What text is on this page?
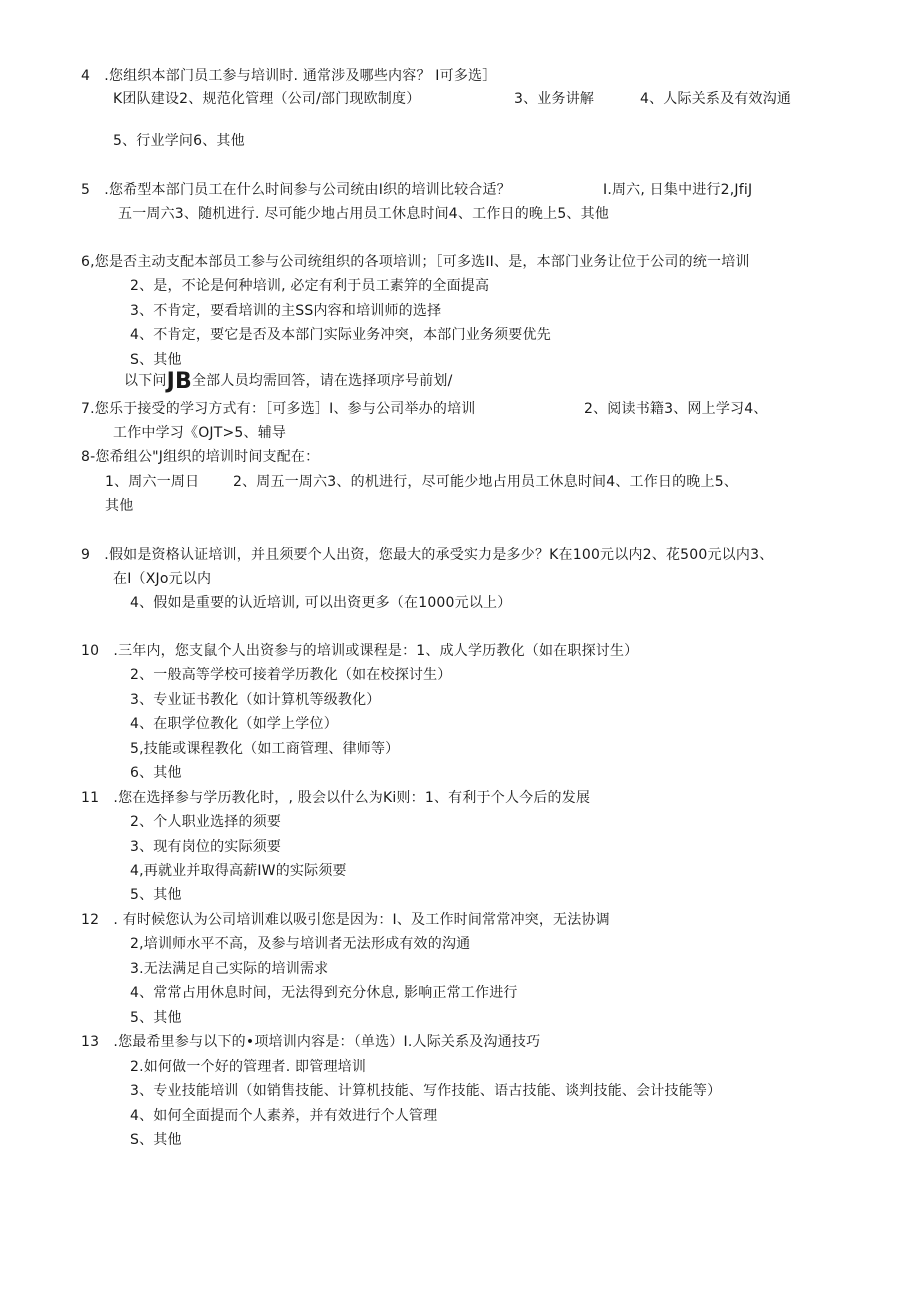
4　.您组织本部门员工参与培训时. 通常涉及哪些内容？ I可多选］
K团队建设2、规范化管理（公司/部门现欧制度）	3、业务讲解	4、人际关系及有效沟通
5、行业学问6、其他
5　.您希型本部门员工在什么时间参与公司统由I织的培训比较合适？	I.周六, 日集中进行2,JfiJ
五一周六3、随机进行. 尽可能少地占用员工休息时间4、工作日的晚上5、其他
6,您是否主动支配本部员工参与公司统组织的各项培训；［可多选II、是，本部门业务让位于公司的统一培训
2、是，不论是何种培训, 必定有利于员工素笄的全面提高
3、不肯定，要看培训的主SS内容和培训师的选择
4、不肯定，要它是否及本部门实际业务冲突，本部门业务须要优先
S、其他
以下问JB全部人员均需回答，请在选择项序号前划/
7.您乐于接受的学习方式有：［可多选］I、参与公司举办的培训	2、阅读书籍3、网上学习4、
工作中学习《OJT>5、辅导
8-您希组公"J组织的培训时间支配在：
1、周六一周日 2、周五一周六3、的机进行，尽可能少地占用员工休息时间4、工作日的晚上5、
其他
9　.假如是资格认证培训，并且须要个人出资，您最大的承受实力是多少？K在100元以内2、花500元以内3、
在I（XJo元以内
4、假如是重要的认近培训, 可以出资更多（在1000元以上）
10　.三年内，您支鼠个人出资参与的培训或课程是：1、成人学历教化（如在职探讨生）
2、一般高等学校可接着学历教化（如在校探讨生）
3、专业证书教化（如计算机等级教化）
4、在职学位教化（如学上学位）
5,技能或课程教化（如工商管理、律师等）
6、其他
11　.您在选择参与学历教化时，, 股会以什么为Ki则：1、有利于个人今后的发展
2、个人职业选择的须要
3、现有岗位的实际须要
4,再就业并取得高薪IW的实际须要
5、其他
12　. 有时候您认为公司培训难以吸引您是因为：I、及工作时间常常冲突，无法协调
2,培训师水平不高，及参与培训者无法形成有效的沟通
3.无法满足自己实际的培训需求
4、常常占用休息时间，无法得到充分休息, 影响正常工作进行
5、其他
13　.您最希里参与以下的•项培训内容是：（单选）I.人际关系及沟通技巧
2.如何做一个好的管理者. 即管理培训
3、专业技能培训（如销售技能、计算机技能、写作技能、语古技能、谈判技能、会计技能等）
4、如何全面提而个人素养，并有效进行个人管理
S、其他
